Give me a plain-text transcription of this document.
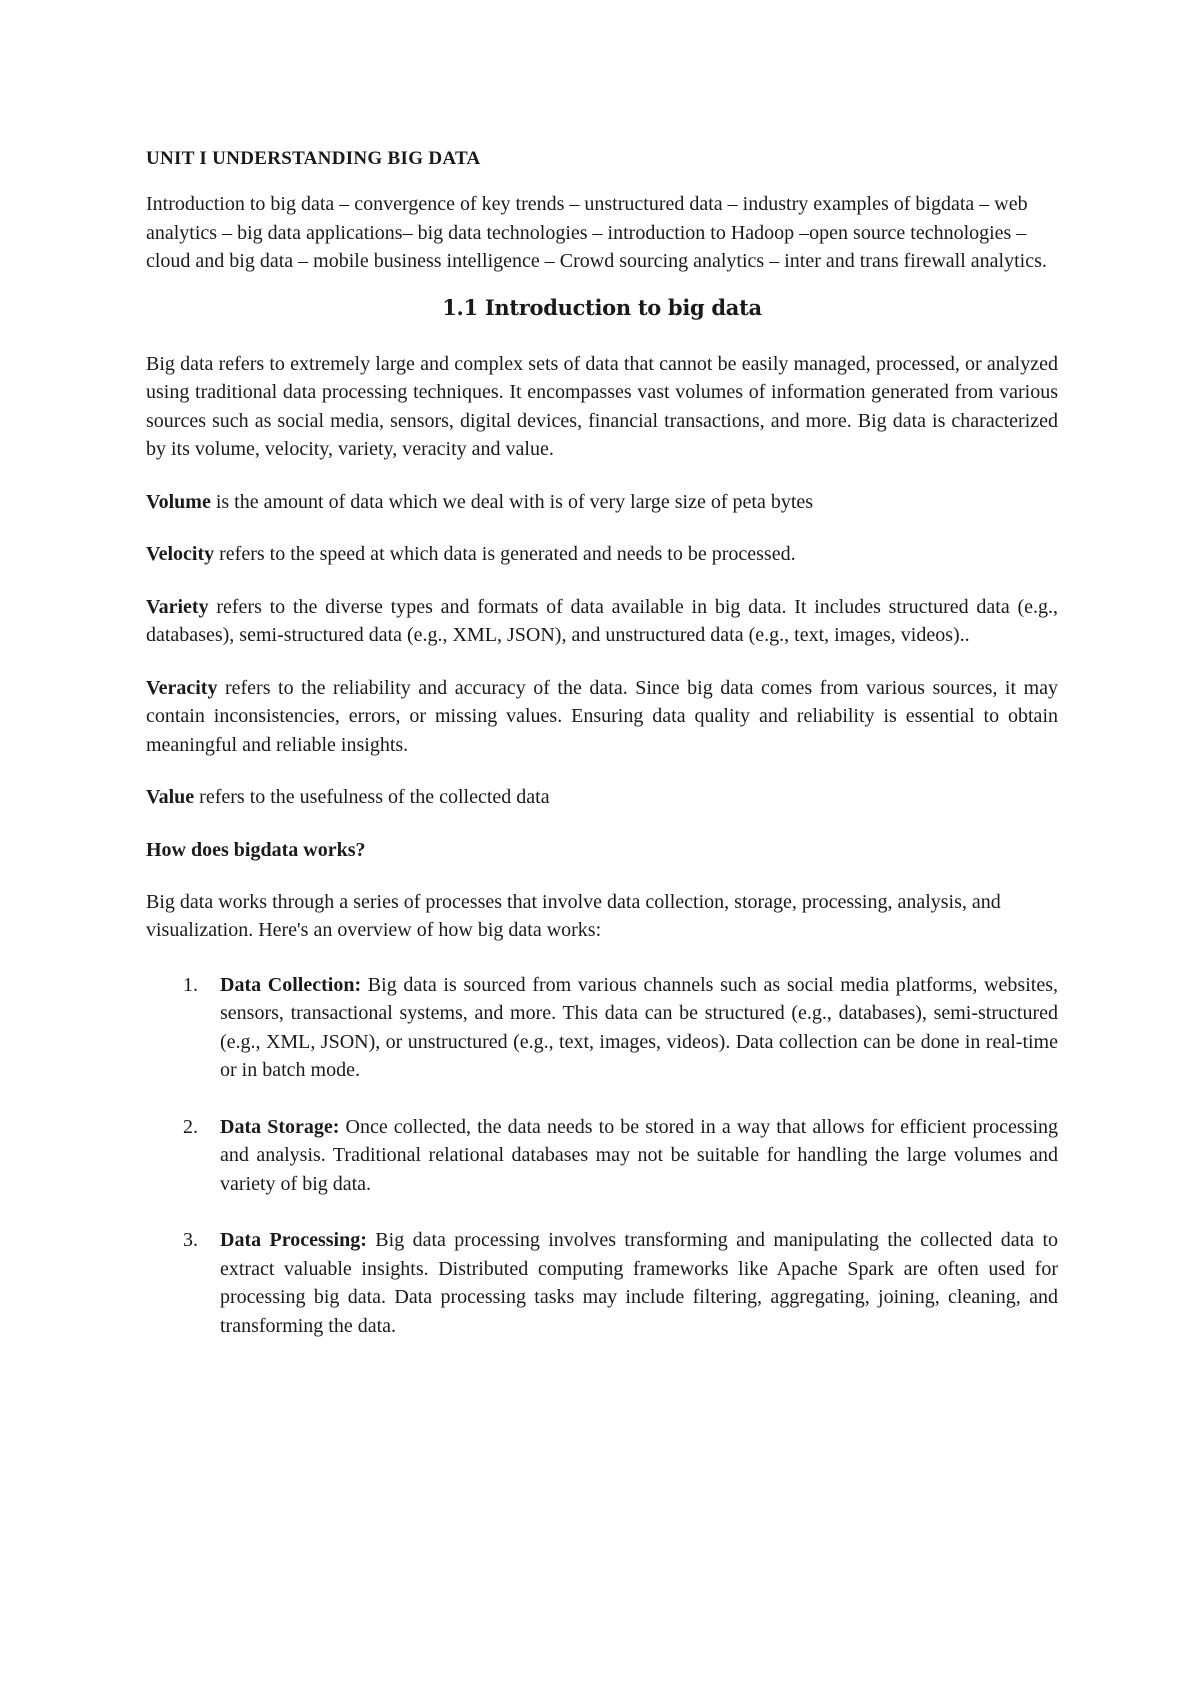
UNIT I UNDERSTANDING BIG DATA

Introduction to big data – convergence of key trends – unstructured data – industry examples of bigdata – web analytics – big data applications– big data technologies – introduction to Hadoop –open source technologies – cloud and big data – mobile business intelligence – Crowd sourcing analytics – inter and trans firewall analytics.

1.1 Introduction to big data

Big data refers to extremely large and complex sets of data that cannot be easily managed, processed, or analyzed using traditional data processing techniques. It encompasses vast volumes of information generated from various sources such as social media, sensors, digital devices, financial transactions, and more. Big data is characterized by its volume, velocity, variety, veracity and value.

Volume is the amount of data which we deal with is of very large size of peta bytes

Velocity refers to the speed at which data is generated and needs to be processed.

Variety refers to the diverse types and formats of data available in big data. It includes structured data (e.g., databases), semi-structured data (e.g., XML, JSON), and unstructured data (e.g., text, images, videos)..

Veracity refers to the reliability and accuracy of the data. Since big data comes from various sources, it may contain inconsistencies, errors, or missing values. Ensuring data quality and reliability is essential to obtain meaningful and reliable insights.

Value refers to the usefulness of the collected data

How does bigdata works?

Big data works through a series of processes that involve data collection, storage, processing, analysis, and visualization. Here's an overview of how big data works:

1. Data Collection: Big data is sourced from various channels such as social media platforms, websites, sensors, transactional systems, and more. This data can be structured (e.g., databases), semi-structured (e.g., XML, JSON), or unstructured (e.g., text, images, videos). Data collection can be done in real-time or in batch mode.
2. Data Storage: Once collected, the data needs to be stored in a way that allows for efficient processing and analysis. Traditional relational databases may not be suitable for handling the large volumes and variety of big data.
3. Data Processing: Big data processing involves transforming and manipulating the collected data to extract valuable insights. Distributed computing frameworks like Apache Spark are often used for processing big data. Data processing tasks may include filtering, aggregating, joining, cleaning, and transforming the data.
